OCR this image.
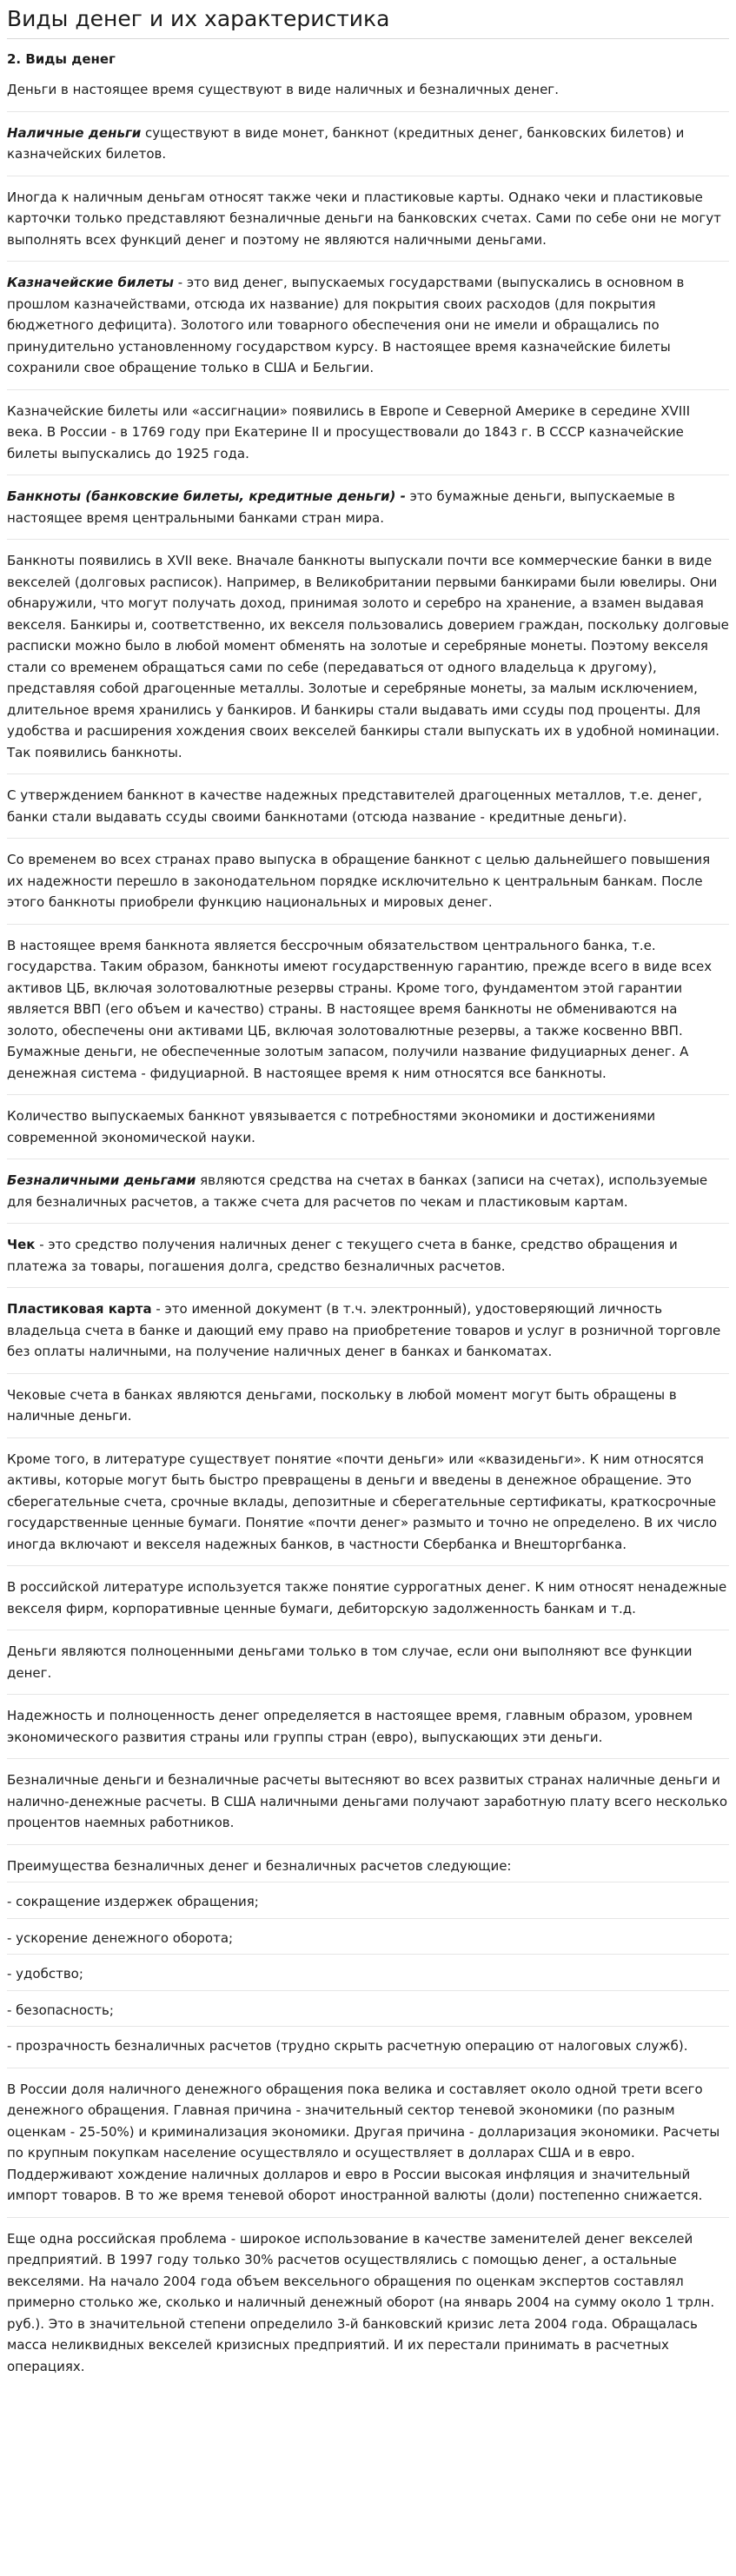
Виды денег и их характеристика
2. Виды денег

Деньги в настоящее время существуют в виде наличных и безналичных денег.

Наличные деньги существуют в виде монет, банкнот (кредитных денег, банковских билетов) и казначейских билетов.

Иногда к наличным деньгам относят также чеки и пластиковые карты. Однако чеки и пластиковые карточки только представляют безналичные деньги на банковских счетах. Сами по себе они не могут выполнять всех функций денег и поэтому не являются наличными деньгами.

Казначейские билеты - это вид денег, выпускаемых государствами (выпускались в основном в прошлом казначействами, отсюда их название) для покрытия своих расходов (для покрытия бюджетного дефицита). Золотого или товарного обеспечения они не имели и обращались по принудительно установленному государством курсу. В настоящее время казначейские билеты сохранили свое обращение только в США и Бельгии.

Казначейские билеты или «ассигнации» появились в Европе и Северной Америке в середине XVIII века. В России - в 1769 году при Екатерине II и просуществовали до 1843 г. В СССР казначейские билеты выпускались до 1925 года.

Банкноты (банковские билеты, кредитные деньги) - это бумажные деньги, выпускаемые в настоящее время центральными банками стран мира.

Банкноты появились в XVII веке. Вначале банкноты выпускали почти все коммерческие банки в виде векселей (долговых расписок). Например, в Великобритании первыми банкирами были ювелиры. Они обнаружили, что могут получать доход, принимая золото и серебро на хранение, а взамен выдавая векселя. Банкиры и, соответственно, их векселя пользовались доверием граждан, поскольку долговые расписки можно было в любой момент обменять на золотые и серебряные монеты. Поэтому векселя стали со временем обращаться сами по себе (передаваться от одного владельца к другому), представляя собой драгоценные металлы. Золотые и серебряные монеты, за малым исключением, длительное время хранились у банкиров. И банкиры стали выдавать ими ссуды под проценты. Для удобства и расширения хождения своих векселей банкиры стали выпускать их в удобной номинации. Так появились банкноты.

С утверждением банкнот в качестве надежных представителей драгоценных металлов, т.е. денег, банки стали выдавать ссуды своими банкнотами (отсюда название - кредитные деньги).

Со временем во всех странах право выпуска в обращение банкнот с целью дальнейшего повышения их надежности перешло в законодательном порядке исключительно к центральным банкам. После этого банкноты приобрели функцию национальных и мировых денег.

В настоящее время банкнота является бессрочным обязательством центрального банка, т.е. государства. Таким образом, банкноты имеют государственную гарантию, прежде всего в виде всех активов ЦБ, включая золотовалютные резервы страны. Кроме того, фундаментом этой гарантии является ВВП (его объем и качество) страны. В настоящее время банкноты не обмениваются на золото, обеспечены они активами ЦБ, включая золотовалютные резервы, а также косвенно ВВП. Бумажные деньги, не обеспеченные золотым запасом, получили название фидуциарных денег. А денежная система - фидуциарной. В настоящее время к ним относятся все банкноты.

Количество выпускаемых банкнот увязывается с потребностями экономики и достижениями современной экономической науки.

Безналичными деньгами являются средства на счетах в банках (записи на счетах), используемые для безналичных расчетов, а также счета для расчетов по чекам и пластиковым картам.

Чек - это средство получения наличных денег с текущего счета в банке, средство обращения и платежа за товары, погашения долга, средство безналичных расчетов.

Пластиковая карта - это именной документ (в т.ч. электронный), удостоверяющий личность владельца счета в банке и дающий ему право на приобретение товаров и услуг в розничной торговле без оплаты наличными, на получение наличных денег в банках и банкоматах.

Чековые счета в банках являются деньгами, поскольку в любой момент могут быть обращены в наличные деньги.

Кроме того, в литературе существует понятие «почти деньги» или «квазиденьги». К ним относятся активы, которые могут быть быстро превращены в деньги и введены в денежное обращение. Это сберегательные счета, срочные вклады, депозитные и сберегательные сертификаты, краткосрочные государственные ценные бумаги. Понятие «почти денег» размыто и точно не определено. В их число иногда включают и векселя надежных банков, в частности Сбербанка и Внешторгбанка.

В российской литературе используется также понятие суррогатных денег. К ним относят ненадежные векселя фирм, корпоративные ценные бумаги, дебиторскую задолженность банкам и т.д.

Деньги являются полноценными деньгами только в том случае, если они выполняют все функции денег.

Надежность и полноценность денег определяется в настоящее время, главным образом, уровнем экономического развития страны или группы стран (евро), выпускающих эти деньги.

Безналичные деньги и безналичные расчеты вытесняют во всех развитых странах наличные деньги и налично-денежные расчеты. В США наличными деньгами получают заработную плату всего несколько процентов наемных работников.

Преимущества безналичных денег и безналичных расчетов следующие:

- сокращение издержек обращения;

- ускорение денежного оборота;

- удобство;

- безопасность;

- прозрачность безналичных расчетов (трудно скрыть расчетную операцию от налоговых служб).

В России доля наличного денежного обращения пока велика и составляет около одной трети всего денежного обращения. Главная причина - значительный сектор теневой экономики (по разным оценкам - 25-50%) и криминализация экономики. Другая причина - долларизация экономики. Расчеты по крупным покупкам население осуществляло и осуществляет в долларах США и в евро. Поддерживают хождение наличных долларов и евро в России высокая инфляция и значительный импорт товаров. В то же время теневой оборот иностранной валюты (доли) постепенно снижается.

Еще одна российская проблема - широкое использование в качестве заменителей денег векселей предприятий. В 1997 году только 30% расчетов осуществлялись с помощью денег, а остальные векселями. На начало 2004 года объем вексельного обращения по оценкам экспертов составлял примерно столько же, сколько и наличный денежный оборот (на январь 2004 на сумму около 1 трлн. руб.). Это в значительной степени определило 3-й банковский кризис лета 2004 года. Обращалась масса неликвидных векселей кризисных предприятий. И их перестали принимать в расчетных операциях.
